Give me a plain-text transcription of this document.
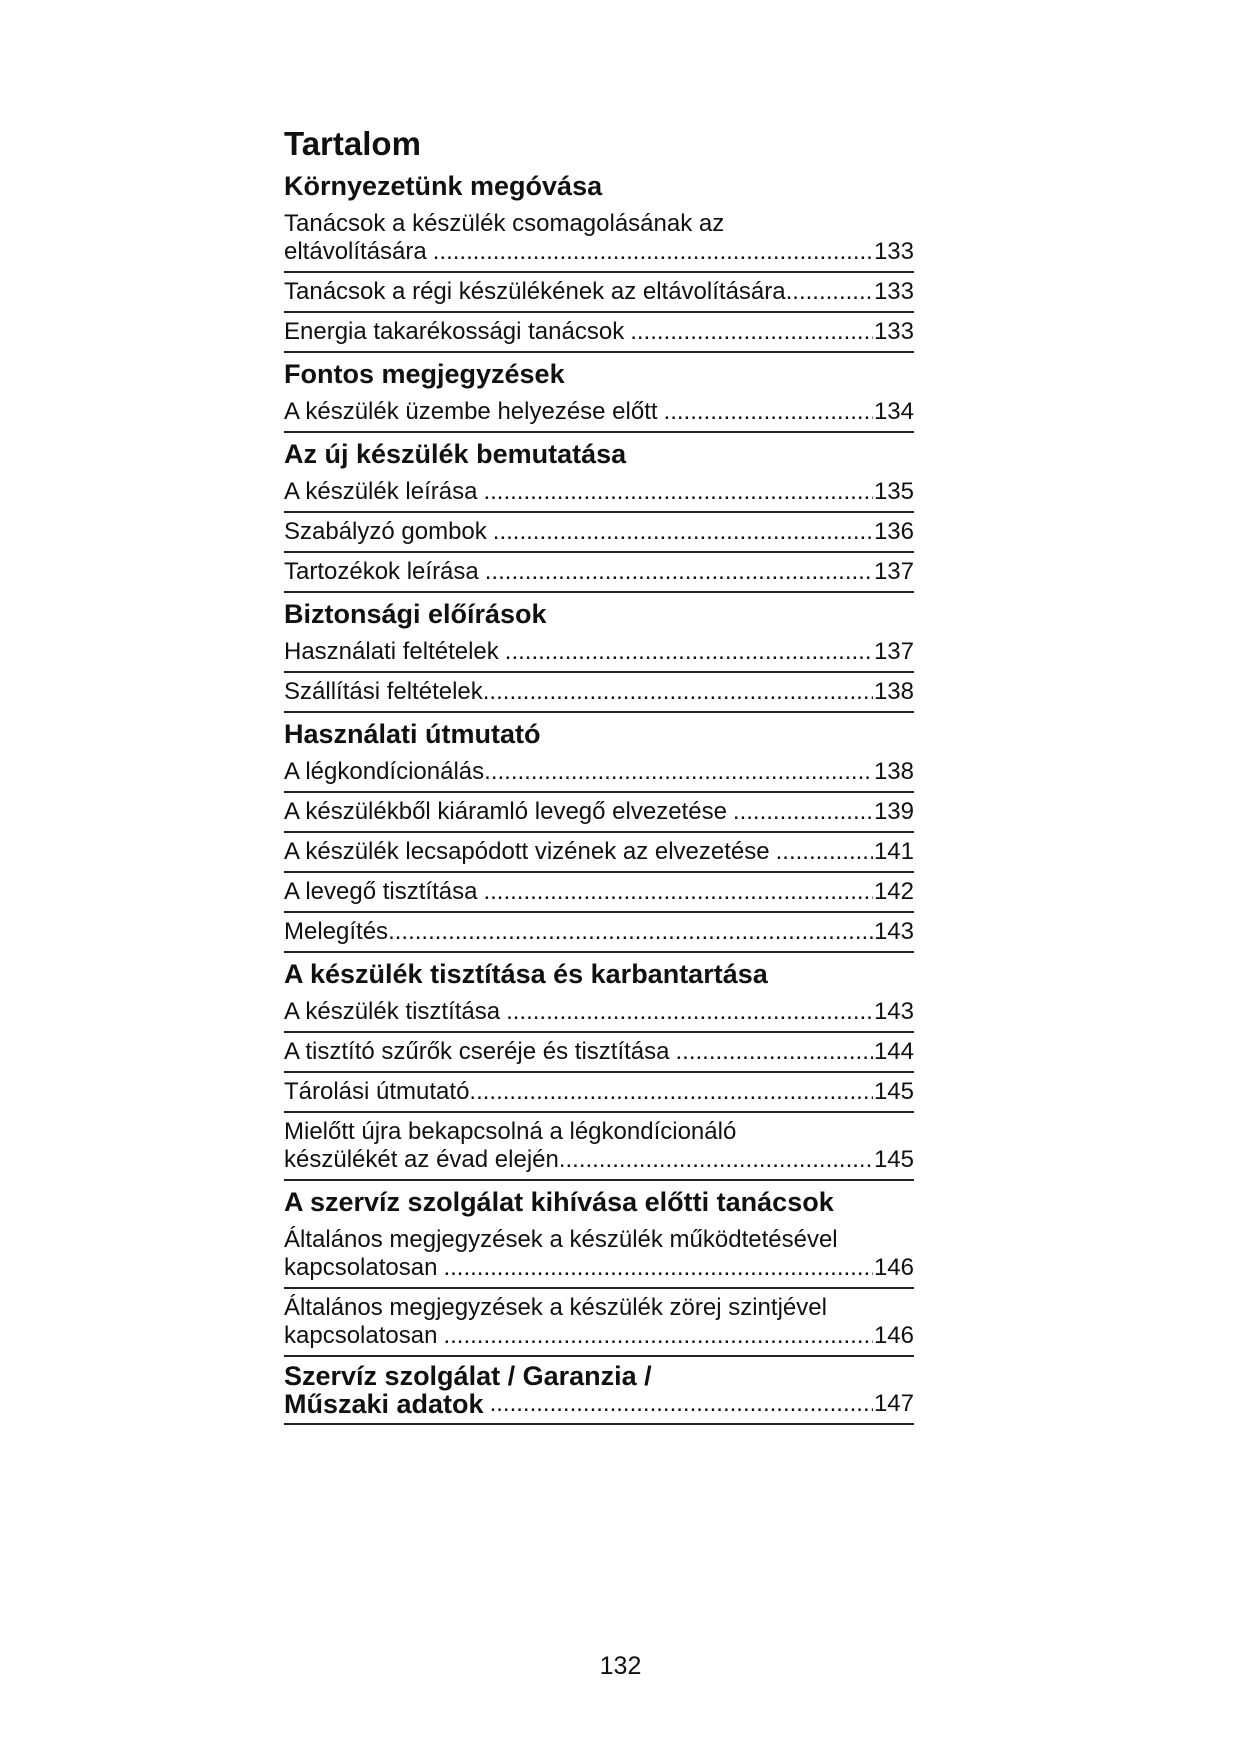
Tartalom
Környezetünk megóvása
Tanácsok a készülék csomagolásának az
eltávolítására .....	133
Tanácsok a régi készülékének az eltávolítására .....	133
Energia takarékossági tanácsok .....	133
Fontos megjegyzések
A készülék üzembe helyezése előtt .....	134
Az új készülék bemutatása
A készülék leírása .....	135
Szabályzó gombok .....	136
Tartozékok leírása .....	137
Biztonsági előírások
Használati feltételek .....	137
Szállítási feltételek .....	138
Használati útmutató
A légkondícionálás .....	138
A készülékből kiáramló levegő elvezetése .....	139
A készülék lecsapódott vizének az elvezetése .....	141
A levegő tisztítása .....	142
Melegítés .....	143
A készülék tisztítása és karbantartása
A készülék tisztítása .....	143
A tisztító szűrők cseréje és tisztítása .....	144
Tárolási útmutató .....	145
Mielőtt újra bekapcsolná a légkondícionáló
készülékét az évad elején .....	145
A szervíz szolgálat kihívása előtti tanácsok
Általános megjegyzések a készülék működtetésével
kapcsolatosan .....	146
Általános megjegyzések a készülék zörej szintjével
kapcsolatosan .....	146
Szervíz szolgálat / Garanzia /
Műszaki adatok .....	147
132
